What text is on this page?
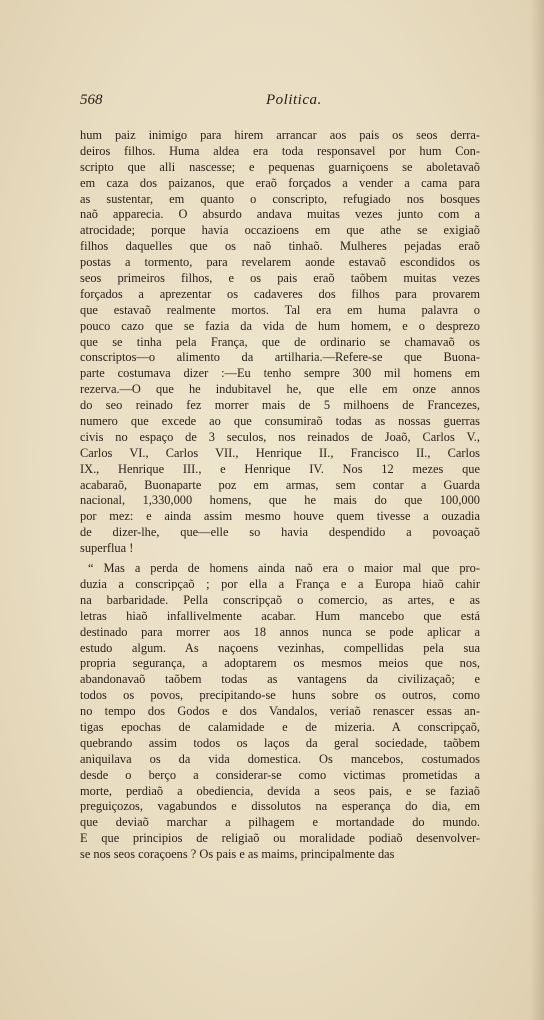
568	Politica.
hum paiz inimigo para hirem arrancar aos pais os seos derra-
deiros filhos. Huma aldea era toda responsavel por hum Con-
scripto que alli nascesse; e pequenas guarniçoens se aboletavaõ
em caza dos paizanos, que eraõ forçados a vender a cama para
as sustentar, em quanto o conscripto, refugiado nos bosques
naõ apparecia. O absurdo andava muitas vezes junto com a
atrocidade; porque havia occazioens em que athe se exigiaõ
filhos daquelles que os naõ tinhaõ. Mulheres pejadas eraõ
postas a tormento, para revelarem aonde estavaõ escondidos os
seos primeiros filhos, e os pais eraõ taõbem muitas vezes
forçados a aprezentar os cadaveres dos filhos para provarem
que estavaõ realmente mortos. Tal era em huma palavra o
pouco cazo que se fazia da vida de hum homem, e o desprezo
que se tinha pela França, que de ordinario se chamavaõ os
conscriptos—o alimento da artilharia.—Refere-se que Buona-
parte costumava dizer :—Eu tenho sempre 300 mil homens em
rezerva.—O que he indubitavel he, que elle em onze annos
do seo reinado fez morrer mais de 5 milhoens de Francezes,
numero que excede ao que consumiraõ todas as nossas guerras
civis no espaço de 3 seculos, nos reinados de Joaõ, Carlos V.,
Carlos VI., Carlos VII., Henrique II., Francisco II., Carlos
IX., Henrique III., e Henrique IV. Nos 12 mezes que
acabaraõ, Buonaparte poz em armas, sem contar a Guarda
nacional, 1,330,000 homens, que he mais do que 100,000
por mez: e ainda assim mesmo houve quem tivesse a ouzadia
de dizer-lhe, que—elle so havia despendido a povoaçaõ
superflua !
“ Mas a perda de homens ainda naõ era o maior mal que pro-
duzia a conscripçaõ ; por ella a França e a Europa hiaõ cahir
na barbaridade. Pella conscripçaõ o comercio, as artes, e as
letras hiaõ infallivelmente acabar. Hum mancebo que está
destinado para morrer aos 18 annos nunca se pode aplicar a
estudo algum. As naçoens vezinhas, compellidas pela sua
propria segurança, a adoptarem os mesmos meios que nos,
abandonavaõ taõbem todas as vantagens da civilizaçaõ; e
todos os povos, precipitando-se huns sobre os outros, como
no tempo dos Godos e dos Vandalos, veriaõ renascer essas an-
tigas epochas de calamidade e de mizeria. A conscripçaõ,
quebrando assim todos os laços da geral sociedade, taõbem
aniquilava os da vida domestica. Os mancebos, costumados
desde o berço a considerar-se como victimas prometidas a
morte, perdiaõ a obediencia, devida a seos pais, e se faziaõ
preguiçozos, vagabundos e dissolutos na esperança do dia, em
que deviaõ marchar a pilhagem e mortandade do mundo.
E que principios de religiaõ ou moralidade podiaõ desenvolver-
se nos seos coraçoens ? Os pais e as maims, principalmente das
